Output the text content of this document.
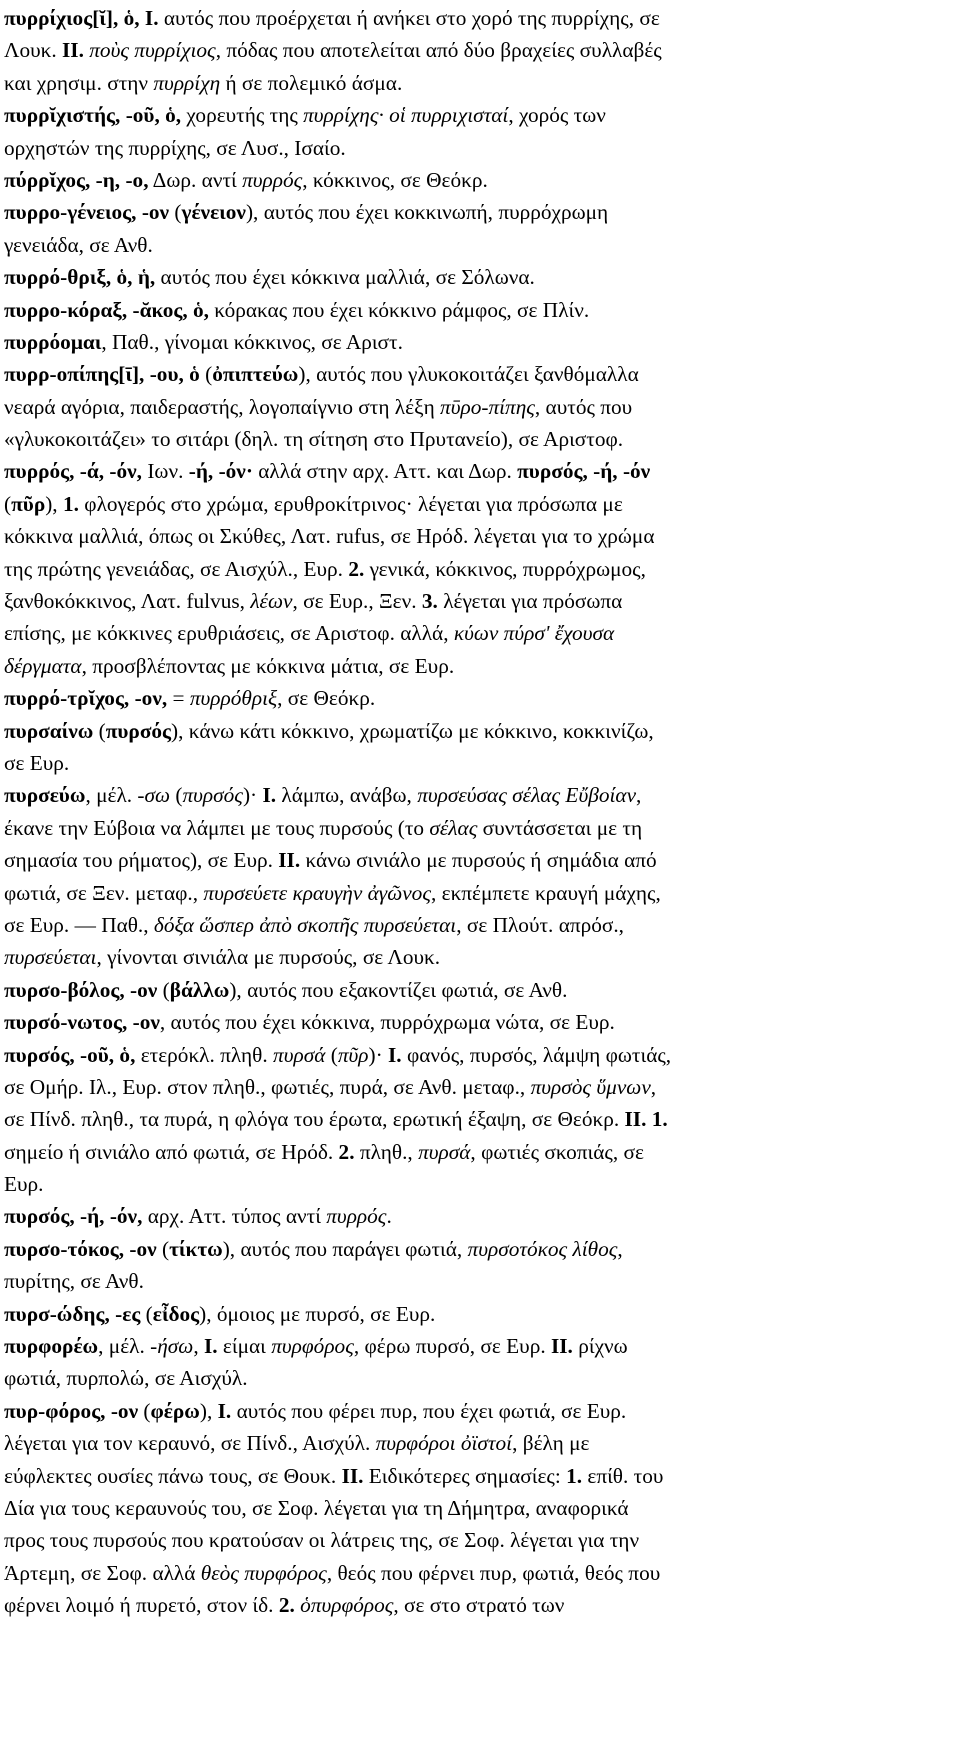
πυρρίχιος[ῐ], ὁ, I. αυτός που προέρχεται ή ανήκει στο χορό της πυρρίχης, σε
Λουκ. II. ποὺς πυρρίχιος, πόδας που αποτελείται από δύο βραχείες συλλαβές
και χρησιμ. στην πυρρίχη ή σε πολεμικό άσμα.
πυρρῐχιστής, -οῦ, ὁ, χορευτής της πυρρίχης· οἱ πυρριχισταί, χορός των
ορχηστών της πυρρίχης, σε Λυσ., Ισαίο.
πύρρῐχος, -η, -ο, Δωρ. αντί πυρρός, κόκκινος, σε Θεόκρ.
πυρρο-γένειος, -ον (γένειον), αυτός που έχει κοκκινωπή, πυρρόχρωμη
γενειάδα, σε Ανθ.
πυρρό-θριξ, ὁ, ἡ, αυτός που έχει κόκκινα μαλλιά, σε Σόλωνα.
πυρρο-κόραξ, -ᾰκος, ὁ, κόρακας που έχει κόκκινο ράμφος, σε Πλίν.
πυρρόομαι, Παθ., γίνομαι κόκκινος, σε Αριστ.
πυρρ-οπίπης[ῑ], -ου, ὁ (ὀπιπτεύω), αυτός που γλυκοκοιτάζει ξανθόμαλλα
νεαρά αγόρια, παιδεραστής, λογοπαίγνιο στη λέξη πῡρο-πίπης, αυτός που
«γλυκοκοιτάζει» το σιτάρι (δηλ. τη σίτηση στο Πρυτανείο), σε Αριστοφ.
πυρρός, -ά, -όν, Ιων. -ή, -όν· αλλά στην αρχ. Αττ. και Δωρ. πυρσός, -ή, -όν
(πῦρ), 1. φλογερός στο χρώμα, ερυθροκίτρινος· λέγεται για πρόσωπα με
κόκκινα μαλλιά, όπως οι Σκύθες, Λατ. rufus, σε Ηρόδ. λέγεται για το χρώμα
της πρώτης γενειάδας, σε Αισχύλ., Ευρ. 2. γενικά, κόκκινος, πυρρόχρωμος,
ξανθοκόκκινος, Λατ. fulvus, λέων, σε Ευρ., Ξεν. 3. λέγεται για πρόσωπα
επίσης, με κόκκινες ερυθριάσεις, σε Αριστοφ. αλλά, κύων πύρσ' ἔχουσα
δέργματα, προσβλέποντας με κόκκινα μάτια, σε Ευρ.
πυρρό-τρῐχος, -ον, = πυρρόθριξ, σε Θεόκρ.
πυρσαίνω (πυρσός), κάνω κάτι κόκκινο, χρωματίζω με κόκκινο, κοκκινίζω,
σε Ευρ.
πυρσεύω, μέλ. -σω (πυρσός)· I. λάμπω, ανάβω, πυρσεύσας σέλας Εὔβοίαν,
έκανε την Εύβοια να λάμπει με τους πυρσούς (το σέλας συντάσσεται με τη
σημασία του ρήματος), σε Ευρ. II. κάνω σινιάλο με πυρσούς ή σημάδια από
φωτιά, σε Ξεν. μεταφ., πυρσεύετε κραυγὴν ἀγῶνος, εκπέμπετε κραυγή μάχης,
σε Ευρ. ― Παθ., δόξα ὥσπερ ἀπὸ σκοπῆς πυρσεύεται, σε Πλούτ. απρόσ.,
πυρσεύεται, γίνονται σινιάλα με πυρσούς, σε Λουκ.
πυρσο-βόλος, -ον (βάλλω), αυτός που εξακοντίζει φωτιά, σε Ανθ.
πυρσό-νωτος, -ον, αυτός που έχει κόκκινα, πυρρόχρωμα νώτα, σε Ευρ.
πυρσός, -οῦ, ὁ, ετερόκλ. πληθ. πυρσά (πῦρ)· I. φανός, πυρσός, λάμψη φωτιάς,
σε Ομήρ. Ιλ., Ευρ. στον πληθ., φωτιές, πυρά, σε Ανθ. μεταφ., πυρσὸς ὕμνων,
σε Πίνδ. πληθ., τα πυρά, η φλόγα του έρωτα, ερωτική έξαψη, σε Θεόκρ. II. 1.
σημείο ή σινιάλο από φωτιά, σε Ηρόδ. 2. πληθ., πυρσά, φωτιές σκοπιάς, σε
Ευρ.
πυρσός, -ή, -όν, αρχ. Αττ. τύπος αντί πυρρός.
πυρσο-τόκος, -ον (τίκτω), αυτός που παράγει φωτιά, πυρσοτόκος λίθος,
πυρίτης, σε Ανθ.
πυρσ-ώδης, -ες (εἶδος), όμοιος με πυρσό, σε Ευρ.
πυρφορέω, μέλ. -ήσω, I. είμαι πυρφόρος, φέρω πυρσό, σε Ευρ. II. ρίχνω
φωτιά, πυρπολώ, σε Αισχύλ.
πυρ-φόρος, -ον (φέρω), I. αυτός που φέρει πυρ, που έχει φωτιά, σε Ευρ.
λέγεται για τον κεραυνό, σε Πίνδ., Αισχύλ. πυρφόροι ὀϊστοί, βέλη με
εύφλεκτες ουσίες πάνω τους, σε Θουκ. II. Ειδικότερες σημασίες: 1. επίθ. του
Δία για τους κεραυνούς του, σε Σοφ. λέγεται για τη Δήμητρα, αναφορικά
προς τους πυρσούς που κρατούσαν οι λάτρεις της, σε Σοφ. λέγεται για την
Άρτεμη, σε Σοφ. αλλά θεὸς πυρφόρος, θεός που φέρνει πυρ, φωτιά, θεός που
φέρνει λοιμό ή πυρετό, στον ίδ. 2. ὁπυρφόρος, σε στο στρατό των
